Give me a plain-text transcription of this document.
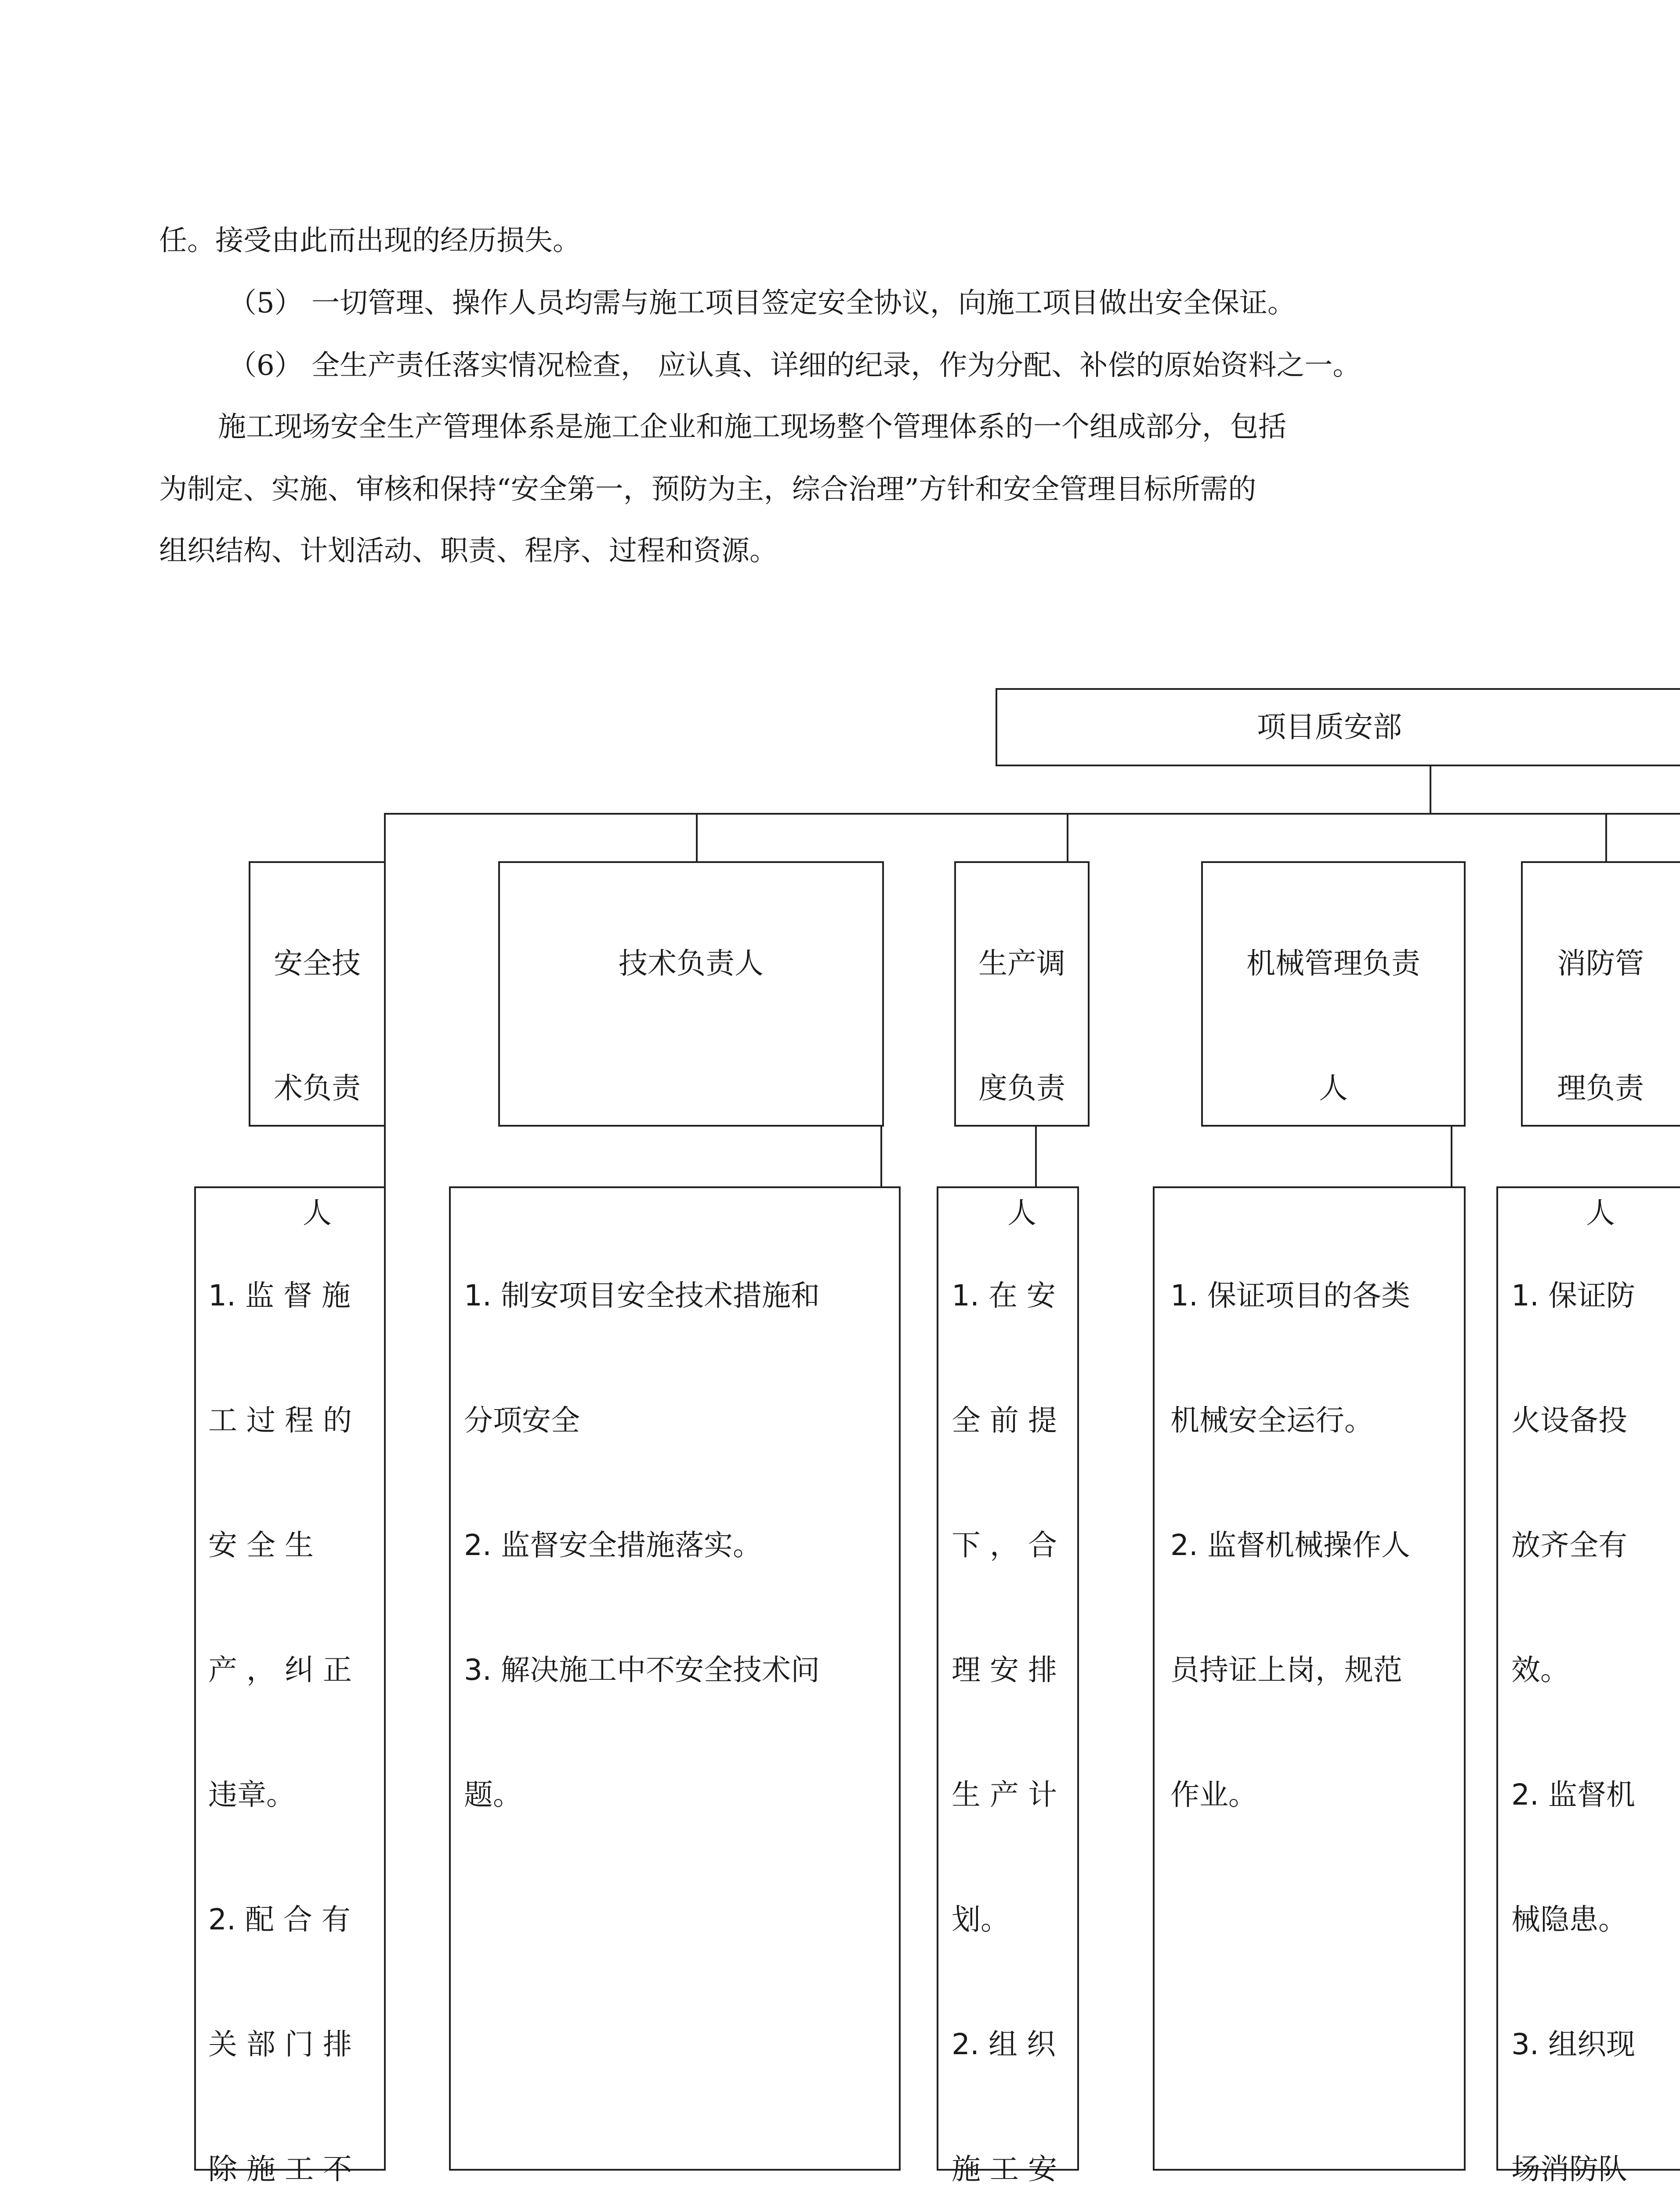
任。接受由此而出现的经历损失。

（5） 一切管理、操作人员均需与施工项目签定安全协议，向施工项目做出安全保证。

（6） 全生产责任落实情况检查， 应认真、详细的纪录，作为分配、补偿的原始资料之一。

施工现场安全生产管理体系是施工企业和施工现场整个管理体系的一个组成部分，包括

为制定、实施、审核和保持“安全第一，预防为主，综合治理”方针和安全管理目标所需的

组织结构、计划活动、职责、程序、过程和资源。

项目质安部

安全技

术负责

人

技术负责人	生产调

度负责

人

机械管理负责

人

消防管

理负责

人

1. 监 督 施

工 过 程 的

安 全 生

产 ， 纠 正

违章。

2. 配 合 有

关 部 门 排

除 施 工 不

1. 制安项目安全技术措施和

分项安全

2. 监督安全措施落实。

3. 解决施工中不安全技术问

题。

1. 在 安

全 前 提

下 ， 合

理 安 排

生 产 计

划。

2. 组 织

施 工 安

1. 保证项目的各类

机械安全运行。

2. 监督机械操作人

员持证上岗，规范

作业。

1. 保证防

火设备投

放齐全有

效。

2. 监督机

械隐患。

3. 组织现

场消防队
